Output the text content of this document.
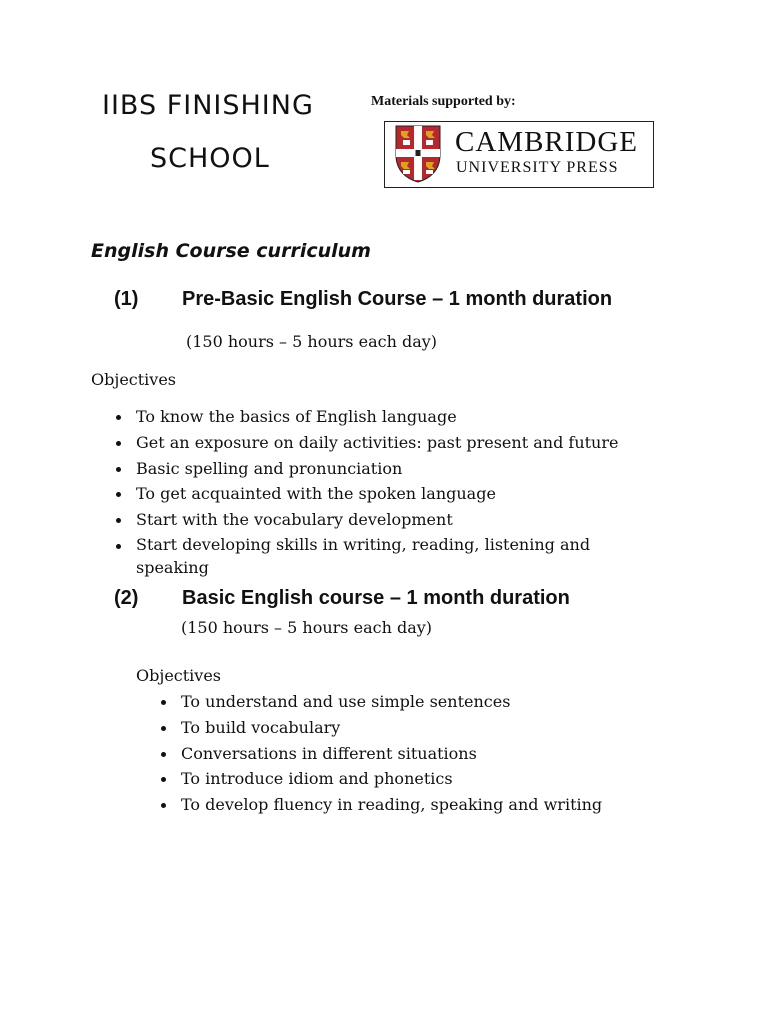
IIBS FINISHING
SCHOOL
Materials supported by:
CAMBRIDGE
UNIVERSITY PRESS
English Course curriculum
(1) Pre-Basic English Course – 1 month duration
(150 hours – 5 hours each day)
Objectives
To know the basics of English language
Get an exposure on daily activities: past present and future
Basic spelling and pronunciation
To get acquainted with the spoken language
Start with the vocabulary development
Start developing skills in writing, reading, listening and speaking
(2) Basic English course – 1 month duration
(150 hours – 5 hours each day)
Objectives
To understand and use simple sentences
To build vocabulary
Conversations in different situations
To introduce idiom and phonetics
To develop fluency in reading, speaking and writing
